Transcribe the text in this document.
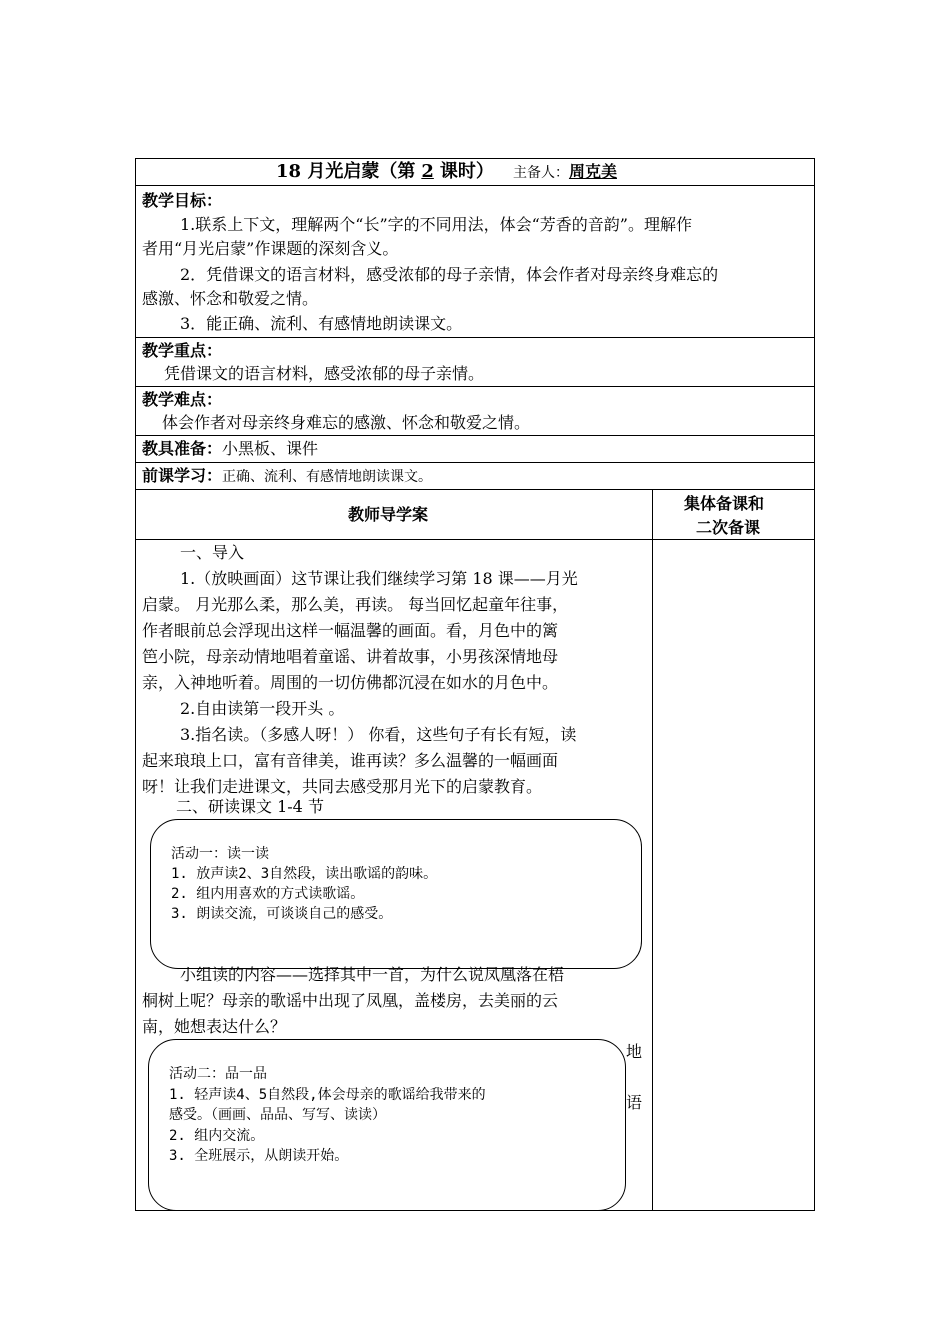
18 月光启蒙（第 2 课时） 主备人：周克美
教学目标：
1.联系上下文，理解两个“长”字的不同用法，体会“芳香的音韵”。理解作
者用“月光启蒙”作课题的深刻含义。
2．凭借课文的语言材料，感受浓郁的母子亲情，体会作者对母亲终身难忘的
感激、怀念和敬爱之情。
3．能正确、流利、有感情地朗读课文。
教学重点：
凭借课文的语言材料，感受浓郁的母子亲情。
教学难点：
体会作者对母亲终身难忘的感激、怀念和敬爱之情。
教具准备：小黑板、课件
前课学习：正确、流利、有感情地朗读课文。
教师导学案
集体备课和
二次备课
一、导入
1.（放映画面）这节课让我们继续学习第 18 课——月光
启蒙。 月光那么柔，那么美，再读。 每当回忆起童年往事，
作者眼前总会浮现出这样一幅温馨的画面。看，月色中的篱
笆小院，母亲动情地唱着童谣、讲着故事，小男孩深情地母
亲，入神地听着。周围的一切仿佛都沉浸在如水的月色中。
2.自由读第一段开头 。
3.指名读。（多感人呀！） 你看，这些句子有长有短，读
起来琅琅上口，富有音律美，谁再读？多么温馨的一幅画面
呀！让我们走进课文，共同去感受那月光下的启蒙教育。
二、研读课文 1-4 节
活动一：读一读
1. 放声读2、3自然段，读出歌谣的韵味。
2. 组内用喜欢的方式读歌谣。
3. 朗读交流，可谈谈自己的感受。
小组读的内容——选择其中一首，为什么说凤凰落在梧
桐树上呢？母亲的歌谣中出现了凤凰，盖楼房，去美丽的云
南，她想表达什么？
地
语
活动二：品一品
1. 轻声读4、5自然段,体会母亲的歌谣给我带来的
感受。（画画、品品、写写、读读）
2. 组内交流。
3. 全班展示，从朗读开始。
